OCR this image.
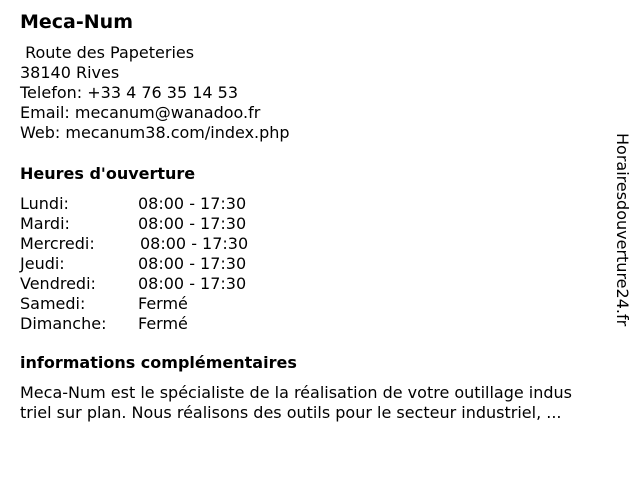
Meca-Num
Route des Papeteries
38140 Rives
Telefon: +33 4 76 35 14 53
Email: mecanum@wanadoo.fr
Web: mecanum38.com/index.php
Heures d'ouverture
Lundi:	08:00 - 17:30
Mardi:	08:00 - 17:30
Mercredi:	08:00 - 17:30
Jeudi:	08:00 - 17:30
Vendredi:	08:00 - 17:30
Samedi:	Fermé
Dimanche: Fermé
informations complémentaires
Meca-Num est le spécialiste de la réalisation de votre outillage indus
triel sur plan. Nous réalisons des outils pour le secteur industriel, ...
Horairesdouverture24.fr
